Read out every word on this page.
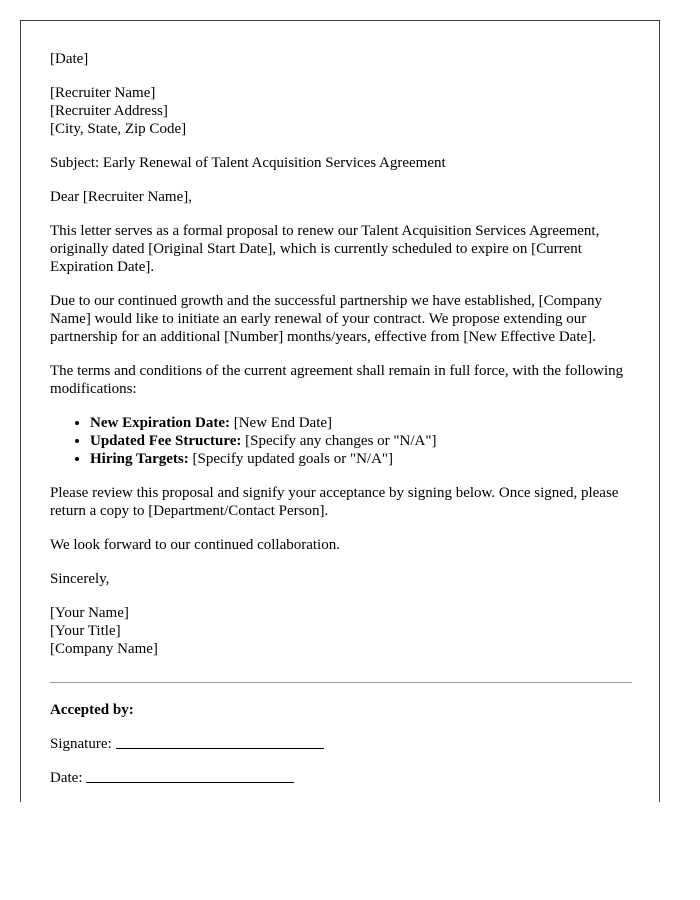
[Date]

[Recruiter Name]
[Recruiter Address]
[City, State, Zip Code]

Subject: Early Renewal of Talent Acquisition Services Agreement

Dear [Recruiter Name],

This letter serves as a formal proposal to renew our Talent Acquisition Services Agreement, originally dated [Original Start Date], which is currently scheduled to expire on [Current Expiration Date].

Due to our continued growth and the successful partnership we have established, [Company Name] would like to initiate an early renewal of your contract. We propose extending our partnership for an additional [Number] months/years, effective from [New Effective Date].

The terms and conditions of the current agreement shall remain in full force, with the following modifications:

• New Expiration Date: [New End Date]
• Updated Fee Structure: [Specify any changes or "N/A"]
• Hiring Targets: [Specify updated goals or "N/A"]

Please review this proposal and signify your acceptance by signing below. Once signed, please return a copy to [Department/Contact Person].

We look forward to our continued collaboration.

Sincerely,

[Your Name]
[Your Title]
[Company Name]

Accepted by:

Signature:

Date:
